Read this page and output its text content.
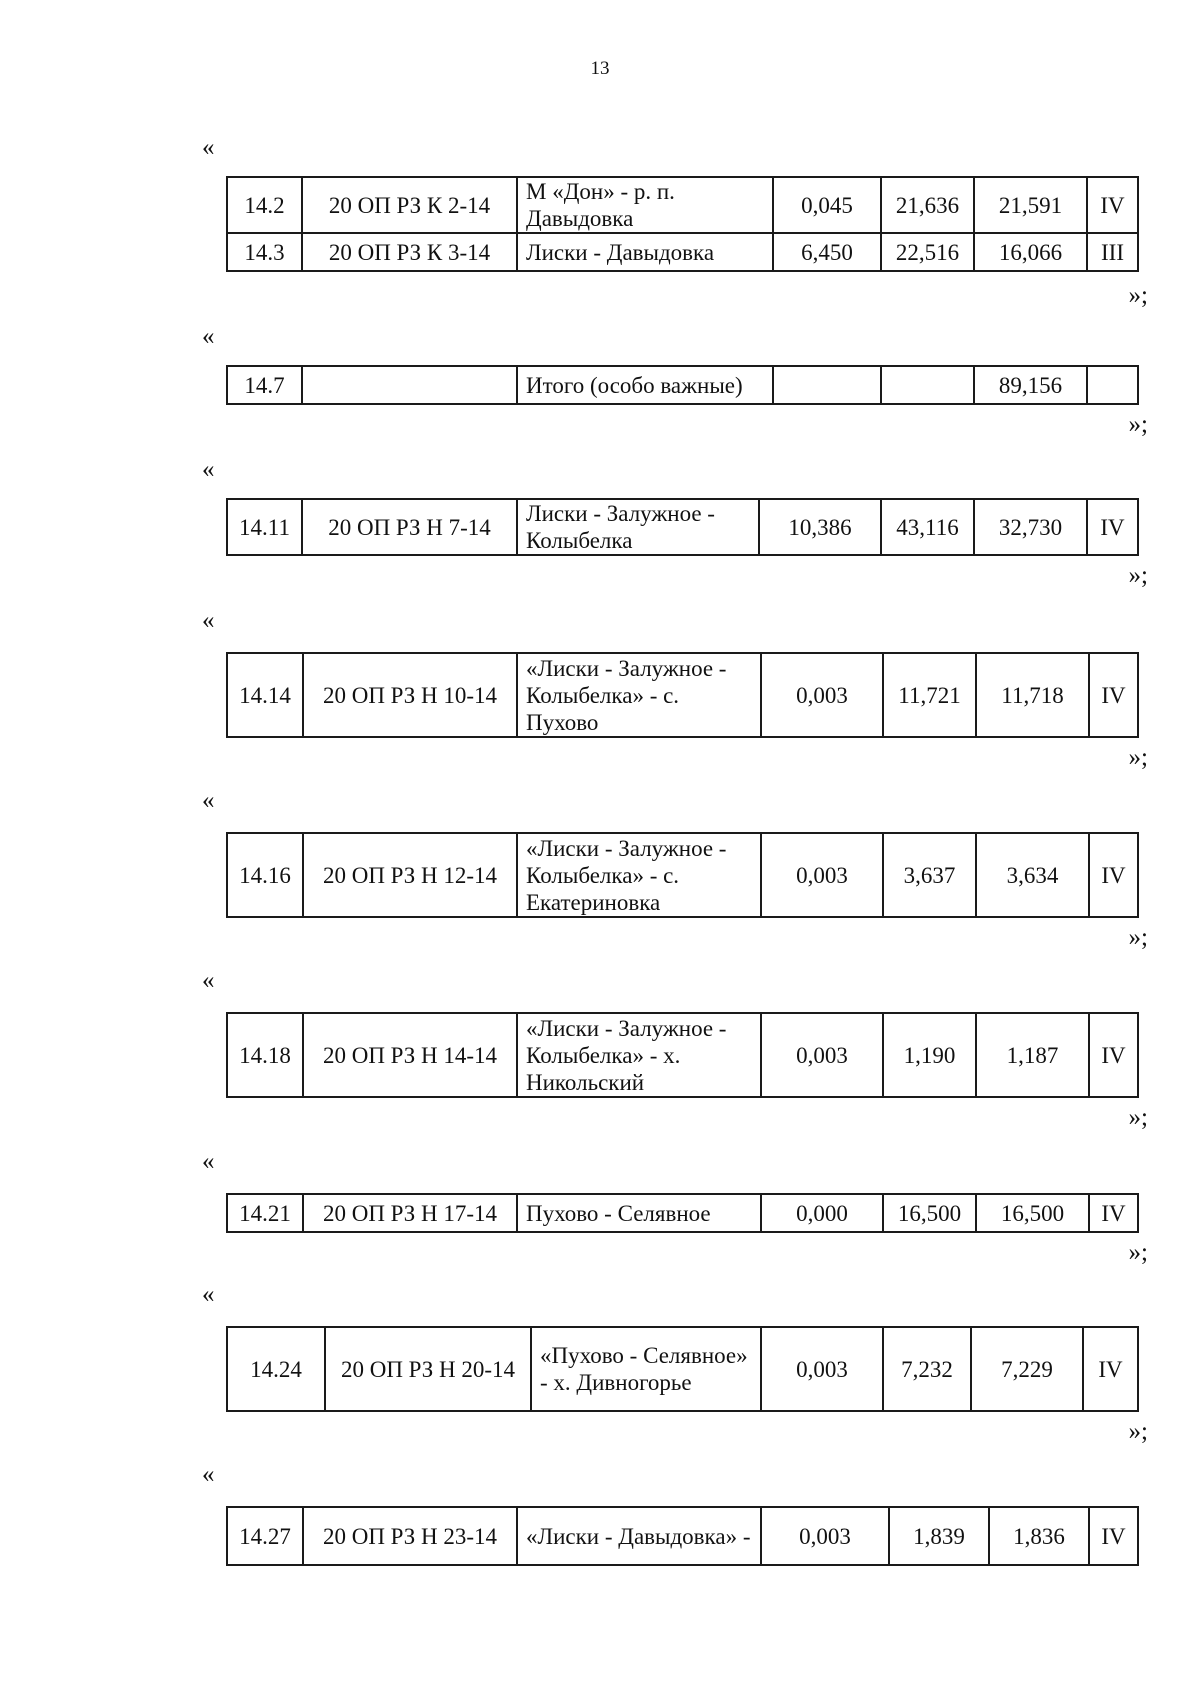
13
«
14.2	20 ОП РЗ К 2-14	М «Дон» - р. п. Давыдовка	0,045	21,636	21,591	IV
14.3	20 ОП РЗ К 3-14	Лиски - Давыдовка	6,450	22,516	16,066	III
»;
«
14.7		Итого (особо важные)			89,156	
»;
«
14.11	20 ОП РЗ Н 7-14	Лиски - Залужное - Колыбелка	10,386	43,116	32,730	IV
»;
«
14.14	20 ОП РЗ Н 10-14	«Лиски - Залужное - Колыбелка» - с. Пухово	0,003	11,721	11,718	IV
»;
«
14.16	20 ОП РЗ Н 12-14	«Лиски - Залужное - Колыбелка» - с. Екатериновка	0,003	3,637	3,634	IV
»;
«
14.18	20 ОП РЗ Н 14-14	«Лиски - Залужное - Колыбелка» - х. Никольский	0,003	1,190	1,187	IV
»;
«
14.21	20 ОП РЗ Н 17-14	Пухово - Селявное	0,000	16,500	16,500	IV
»;
«
14.24	20 ОП РЗ Н 20-14	«Пухово - Селявное» - х. Дивногорье	0,003	7,232	7,229	IV
»;
«
14.27	20 ОП РЗ Н 23-14	«Лиски - Давыдовка» -	0,003	1,839	1,836	IV
